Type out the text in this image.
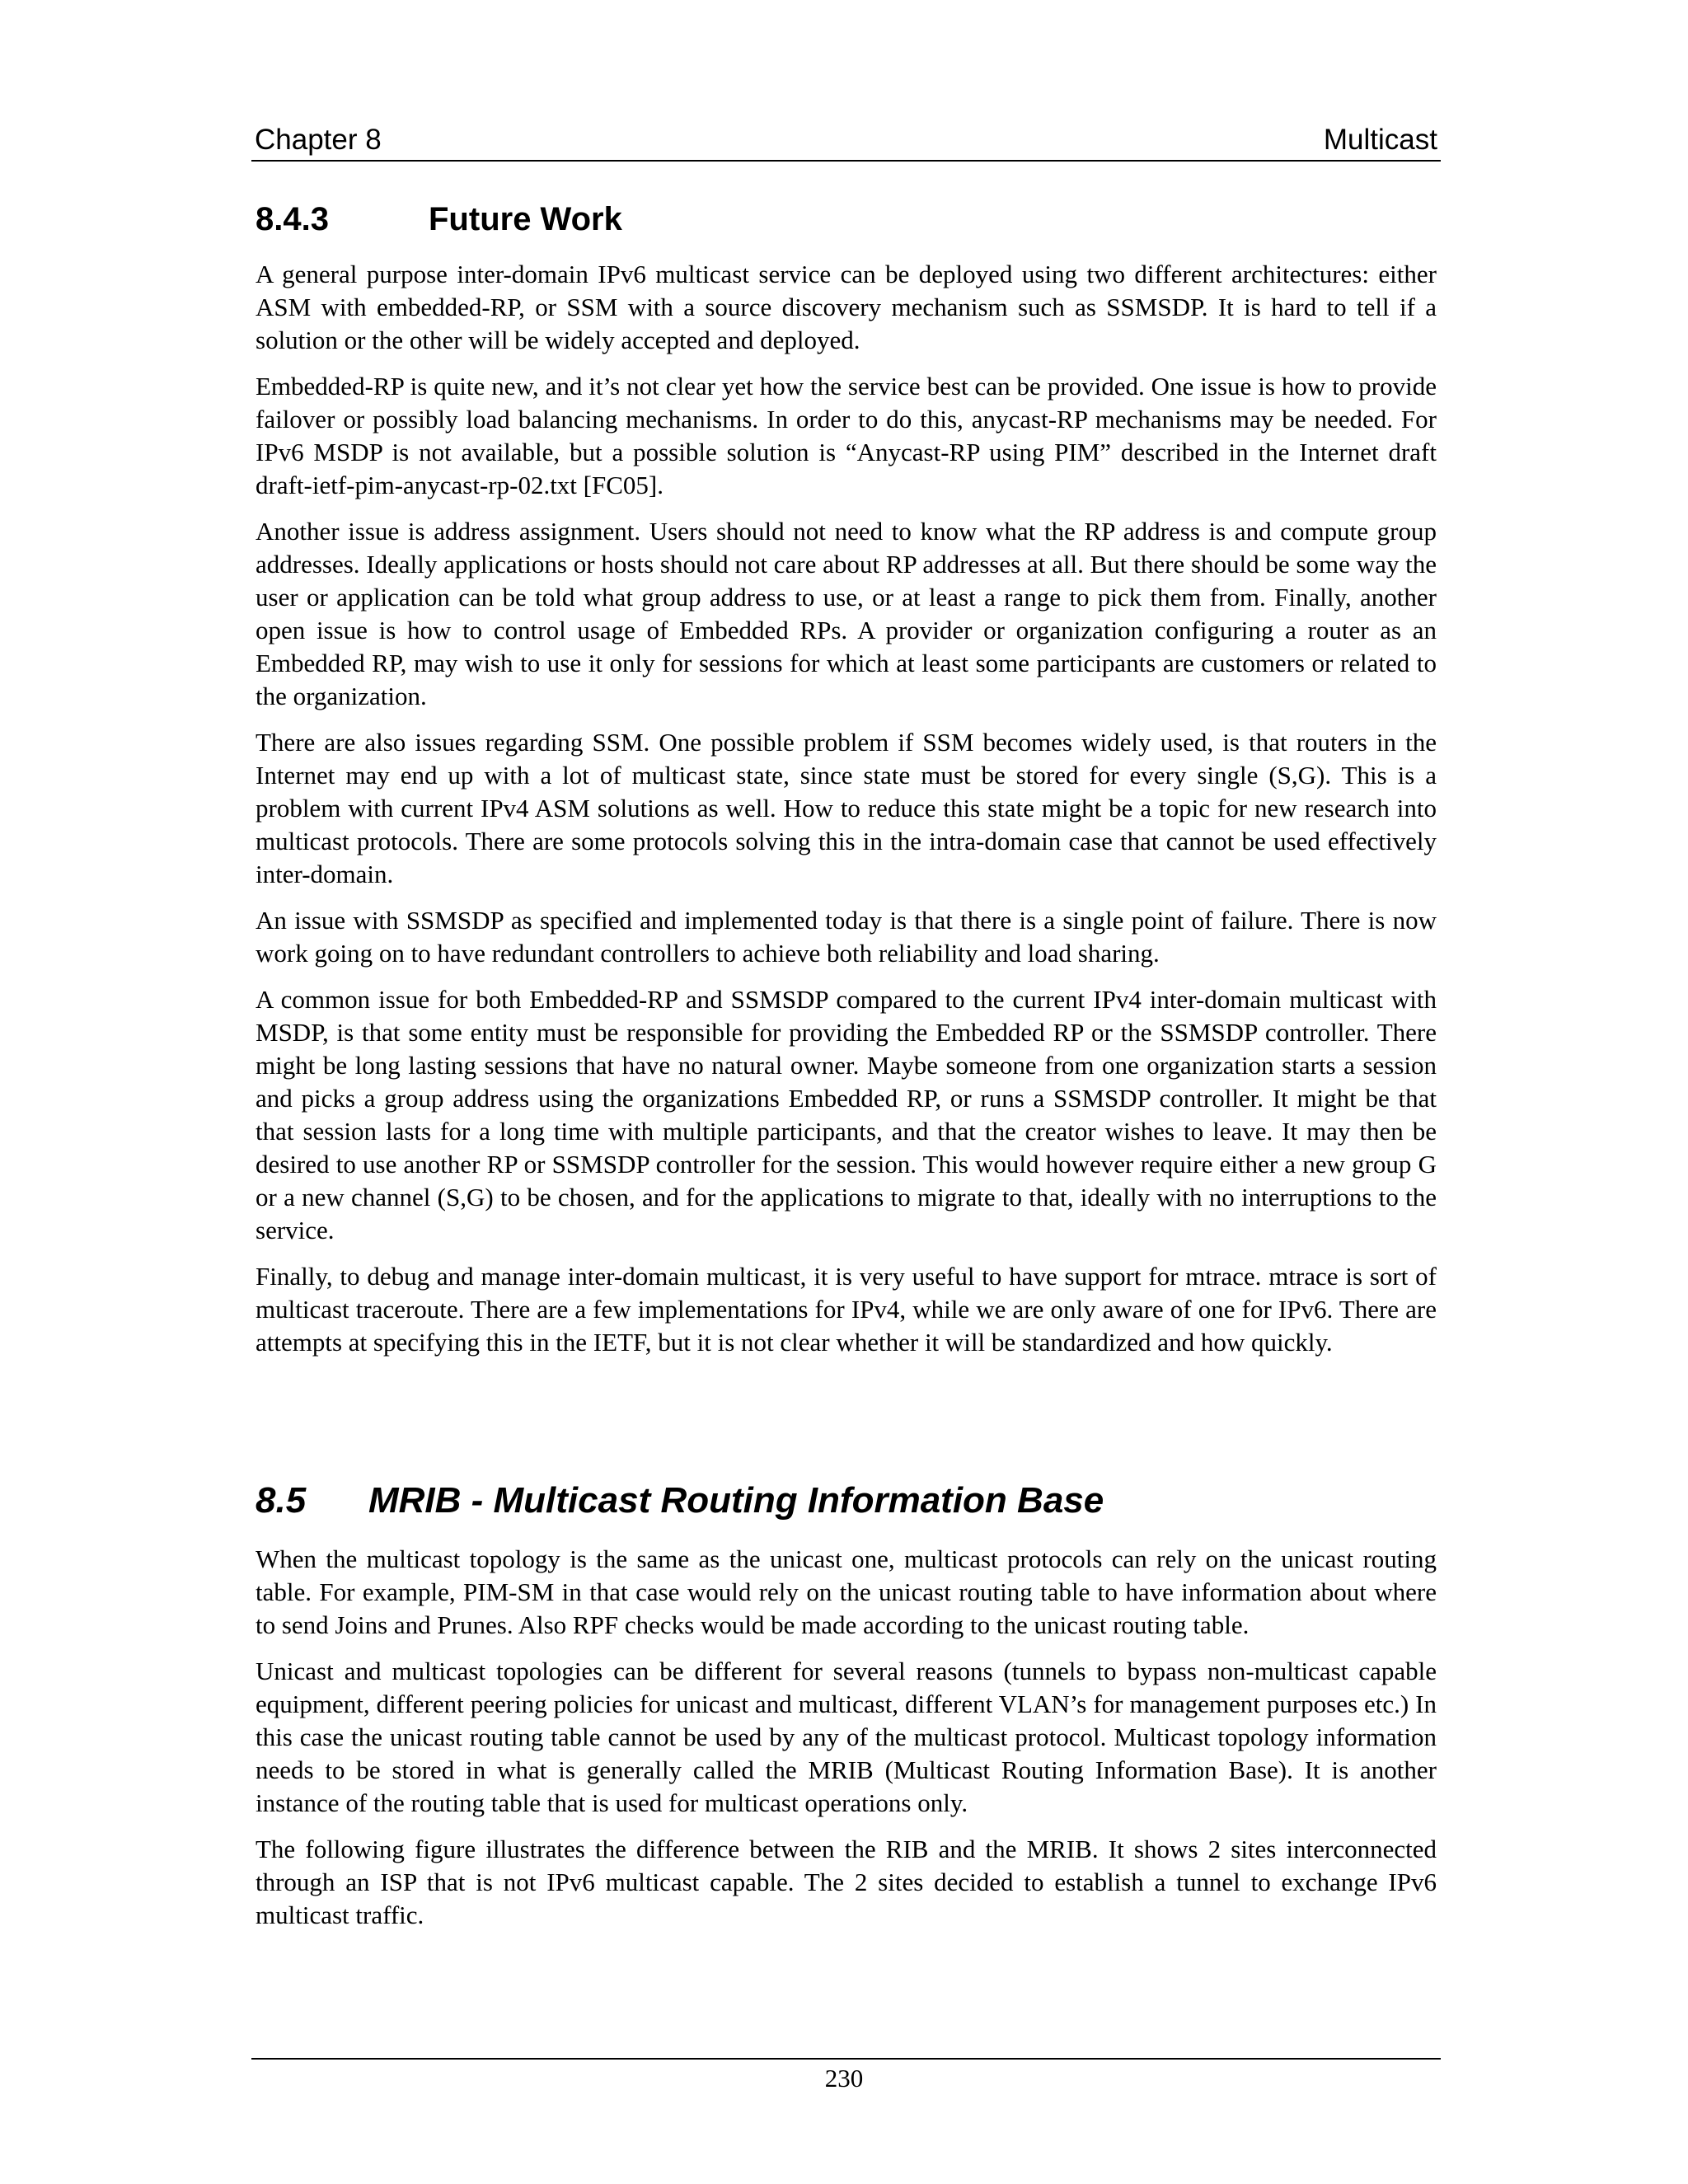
Chapter 8	Multicast
8.4.3	Future Work

A general purpose inter-domain IPv6 multicast service can be deployed using two different architectures: either ASM with embedded-RP, or SSM with a source discovery mechanism such as SSMSDP. It is hard to tell if a solution or the other will be widely accepted and deployed.

Embedded-RP is quite new, and it’s not clear yet how the service best can be provided. One issue is how to provide failover or possibly load balancing mechanisms. In order to do this, anycast-RP mechanisms may be needed. For IPv6 MSDP is not available, but a possible solution is “Anycast-RP using PIM” described in the Internet draft draft-ietf-pim-anycast-rp-02.txt [FC05].

Another issue is address assignment. Users should not need to know what the RP address is and compute group addresses. Ideally applications or hosts should not care about RP addresses at all. But there should be some way the user or application can be told what group address to use, or at least a range to pick them from. Finally, another open issue is how to control usage of Embedded RPs. A provider or organization configuring a router as an Embedded RP, may wish to use it only for sessions for which at least some participants are customers or related to the organization.

There are also issues regarding SSM. One possible problem if SSM becomes widely used, is that routers in the Internet may end up with a lot of multicast state, since state must be stored for every single (S,G). This is a problem with current IPv4 ASM solutions as well. How to reduce this state might be a topic for new research into multicast protocols. There are some protocols solving this in the intra-domain case that cannot be used effectively inter-domain.

An issue with SSMSDP as specified and implemented today is that there is a single point of failure. There is now work going on to have redundant controllers to achieve both reliability and load sharing.

A common issue for both Embedded-RP and SSMSDP compared to the current IPv4 inter-domain multicast with MSDP, is that some entity must be responsible for providing the Embedded RP or the SSMSDP controller. There might be long lasting sessions that have no natural owner. Maybe someone from one organization starts a session and picks a group address using the organizations Embedded RP, or runs a SSMSDP controller. It might be that that session lasts for a long time with multiple participants, and that the creator wishes to leave. It may then be desired to use another RP or SSMSDP controller for the session. This would however require either a new group G or a new channel (S,G) to be chosen, and for the applications to migrate to that, ideally with no interruptions to the service.

Finally, to debug and manage inter-domain multicast, it is very useful to have support for mtrace. mtrace is sort of multicast traceroute. There are a few implementations for IPv4, while we are only aware of one for IPv6. There are attempts at specifying this in the IETF, but it is not clear whether it will be standardized and how quickly.

8.5 MRIB - Multicast Routing Information Base

When the multicast topology is the same as the unicast one, multicast protocols can rely on the unicast routing table. For example, PIM-SM in that case would rely on the unicast routing table to have information about where to send Joins and Prunes. Also RPF checks would be made according to the unicast routing table.

Unicast and multicast topologies can be different for several reasons (tunnels to bypass non-multicast capable equipment, different peering policies for unicast and multicast, different VLAN’s for management purposes etc.) In this case the unicast routing table cannot be used by any of the multicast protocol. Multicast topology information needs to be stored in what is generally called the MRIB (Multicast Routing Information Base). It is another instance of the routing table that is used for multicast operations only.

The following figure illustrates the difference between the RIB and the MRIB. It shows 2 sites interconnected through an ISP that is not IPv6 multicast capable. The 2 sites decided to establish a tunnel to exchange IPv6 multicast traffic.

230
